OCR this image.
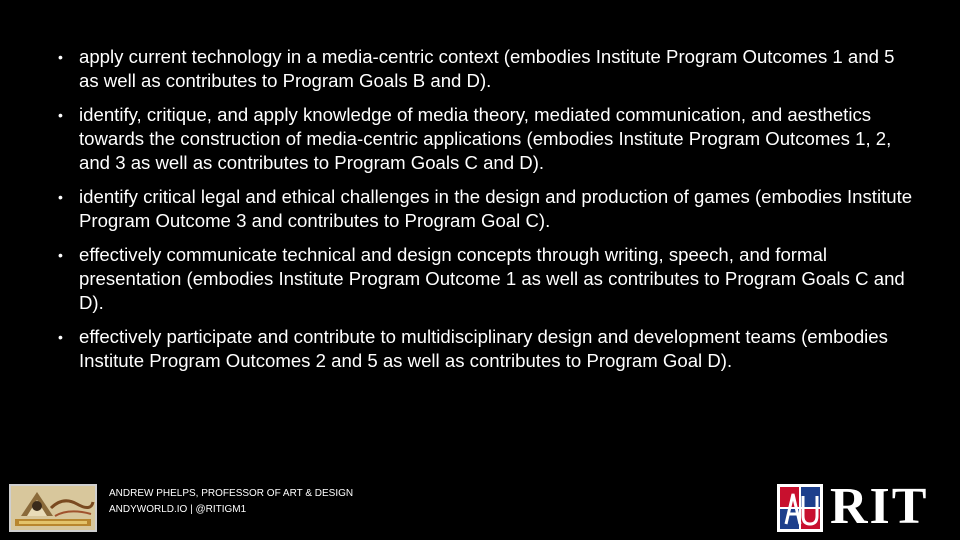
• apply current technology in a media-centric context (embodies Institute Program Outcomes 1 and 5 as well as contributes to Program Goals B and D).
• identify, critique, and apply knowledge of media theory, mediated communication, and aesthetics towards the construction of media-centric applications (embodies Institute Program Outcomes 1, 2, and 3 as well as contributes to Program Goals C and D).
• identify critical legal and ethical challenges in the design and production of games (embodies Institute Program Outcome 3 and contributes to Program Goal C).
• effectively communicate technical and design concepts through writing, speech, and formal presentation (embodies Institute Program Outcome 1 as well as contributes to Program Goals C and D).
• effectively participate and contribute to multidisciplinary design and development teams (embodies Institute Program Outcomes 2 and 5 as well as contributes to Program Goal D).
ANDREW PHELPS, PROFESSOR OF ART & DESIGN
ANDYWORLD.IO | @RITIGM1	RIT
